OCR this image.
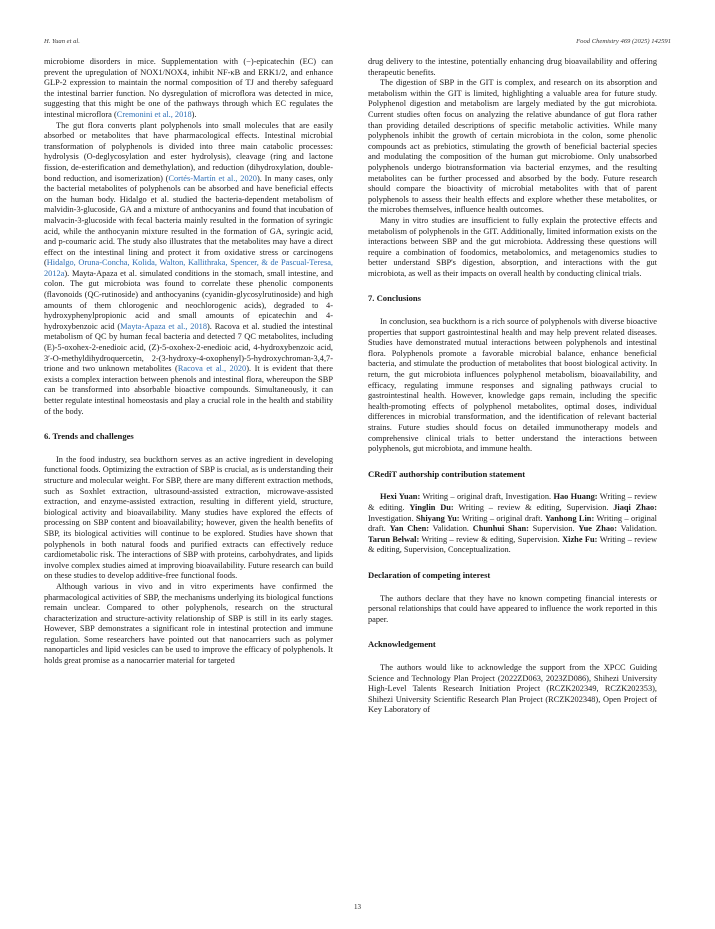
H. Yuan et al.	Food Chemistry 469 (2025) 142591

microbiome disorders in mice. Supplementation with (−)-epicatechin (EC) can prevent the upregulation of NOX1/NOX4, inhibit NF-κB and ERK1/2, and enhance GLP-2 expression to maintain the normal composition of TJ and thereby safeguard the intestinal barrier function. No dysregulation of microflora was detected in mice, suggesting that this might be one of the pathways through which EC regulates the intestinal microflora (Cremonini et al., 2018).

The gut flora converts plant polyphenols into small molecules that are easily absorbed or metabolites that have pharmacological effects. Intestinal microbial transformation of polyphenols is divided into three main catabolic processes: hydrolysis (O-deglycosylation and ester hydrolysis), cleavage (ring and lactone fission, de-esterification and demethylation), and reduction (dihydroxylation, double-bond reduction, and isomerization) (Cortés-Martín et al., 2020). In many cases, only the bacterial metabolites of polyphenols can be absorbed and have beneficial effects on the human body. Hidalgo et al. studied the bacteria-dependent metabolism of malvidin-3-glucoside, GA and a mixture of anthocyanins and found that incubation of malvacin-3-glucoside with fecal bacteria mainly resulted in the formation of syringic acid, while the anthocyanin mixture resulted in the formation of GA, syringic acid, and p-coumaric acid. The study also illustrates that the metabolites may have a direct effect on the intestinal lining and protect it from oxidative stress or carcinogens (Hidalgo, Oruna-Concha, Kolida, Walton, Kallithraka, Spencer, & de Pascual-Teresa, 2012a). Mayta-Apaza et al. simulated conditions in the stomach, small intestine, and colon. The gut microbiota was found to correlate these phenolic components (flavonoids (QC-rutinoside) and anthocyanins (cyanidin-glycosylrutinoside) and high amounts of them chlorogenic and neochlorogenic acids), degraded to 4-hydroxyphenylpropionic acid and small amounts of epicatechin and 4-hydroxybenzoic acid (Mayta-Apaza et al., 2018). Racova et al. studied the intestinal metabolism of QC by human fecal bacteria and detected 7 QC metabolites, including (E)-5-oxohex-2-enedioic acid, (Z)-5-oxohex-2-enedioic acid, 4-hydroxybenzoic acid, 3′-O-methyldihydroquercetin, 2-(3-hydroxy-4-oxophenyl)-5-hydroxychroman-3,4,7-trione and two unknown metabolites (Racova et al., 2020). It is evident that there exists a complex interaction between phenols and intestinal flora, whereupon the SBP can be transformed into absorbable bioactive compounds. Simultaneously, it can better regulate intestinal homeostasis and play a crucial role in the health and stability of the body.

6. Trends and challenges

In the food industry, sea buckthorn serves as an active ingredient in developing functional foods. Optimizing the extraction of SBP is crucial, as is understanding their structure and molecular weight. For SBP, there are many different extraction methods, such as Soxhlet extraction, ultrasound-assisted extraction, microwave-assisted extraction, and enzyme-assisted extraction, resulting in different yield, structure, biological activity and bioavailability. Many studies have explored the effects of processing on SBP content and bioavailability; however, given the health benefits of SBP, its biological activities will continue to be explored. Studies have shown that polyphenols in both natural foods and purified extracts can effectively reduce cardiometabolic risk. The interactions of SBP with proteins, carbohydrates, and lipids involve complex studies aimed at improving bioavailability. Future research can build on these studies to develop additive-free functional foods.

Although various in vivo and in vitro experiments have confirmed the pharmacological activities of SBP, the mechanisms underlying its biological functions remain unclear. Compared to other polyphenols, research on the structural characterization and structure-activity relationship of SBP is still in its early stages. However, SBP demonstrates a significant role in intestinal protection and immune regulation. Some researchers have pointed out that nanocarriers such as polymer nanoparticles and lipid vesicles can be used to improve the efficacy of polyphenols. It holds great promise as a nanocarrier material for targeted

drug delivery to the intestine, potentially enhancing drug bioavailability and offering therapeutic benefits.

The digestion of SBP in the GIT is complex, and research on its absorption and metabolism within the GIT is limited, highlighting a valuable area for future study. Polyphenol digestion and metabolism are largely mediated by the gut microbiota. Current studies often focus on analyzing the relative abundance of gut flora rather than providing detailed descriptions of specific metabolic activities. While many polyphenols inhibit the growth of certain microbiota in the colon, some phenolic compounds act as prebiotics, stimulating the growth of beneficial bacterial species and modulating the composition of the human gut microbiome. Only unabsorbed polyphenols undergo biotransformation via bacterial enzymes, and the resulting metabolites can be further processed and absorbed by the body. Future research should compare the bioactivity of microbial metabolites with that of parent polyphenols to assess their health effects and explore whether these metabolites, or the microbes themselves, influence health outcomes.

Many in vitro studies are insufficient to fully explain the protective effects and metabolism of polyphenols in the GIT. Additionally, limited information exists on the interactions between SBP and the gut microbiota. Addressing these questions will require a combination of foodomics, metabolomics, and metagenomics studies to better understand SBP's digestion, absorption, and interactions with the gut microbiota, as well as their impacts on overall health by conducting clinical trials.

7. Conclusions

In conclusion, sea buckthorn is a rich source of polyphenols with diverse bioactive properties that support gastrointestinal health and may help prevent related diseases. Studies have demonstrated mutual interactions between polyphenols and intestinal flora. Polyphenols promote a favorable microbial balance, enhance beneficial bacteria, and stimulate the production of metabolites that boost biological activity. In return, the gut microbiota influences polyphenol metabolism, bioavailability, and efficacy, regulating immune responses and signaling pathways crucial to gastrointestinal health. However, knowledge gaps remain, including the specific health-promoting effects of polyphenol metabolites, optimal doses, individual differences in microbial transformation, and the identification of relevant bacterial strains. Future studies should focus on detailed immunotherapy models and comprehensive clinical trials to better understand the interactions between polyphenols, gut microbiota, and immune health.

CRediT authorship contribution statement

Hexi Yuan: Writing – original draft, Investigation. Hao Huang: Writing – review & editing. Yinglin Du: Writing – review & editing, Supervision. Jiaqi Zhao: Investigation. Shiyang Yu: Writing – original draft. Yanhong Lin: Writing – original draft. Yan Chen: Validation. Chunhui Shan: Supervision. Yue Zhao: Validation. Tarun Belwal: Writing – review & editing, Supervision. Xizhe Fu: Writing – review & editing, Supervision, Conceptualization.

Declaration of competing interest

The authors declare that they have no known competing financial interests or personal relationships that could have appeared to influence the work reported in this paper.

Acknowledgement

The authors would like to acknowledge the support from the XPCC Guiding Science and Technology Plan Project (2022ZD063, 2023ZD086), Shihezi University High-Level Talents Research Initiation Project (RCZK202349, RCZK202353), Shihezi University Scientific Research Plan Project (RCZK202348), Open Project of Key Laboratory of

13
